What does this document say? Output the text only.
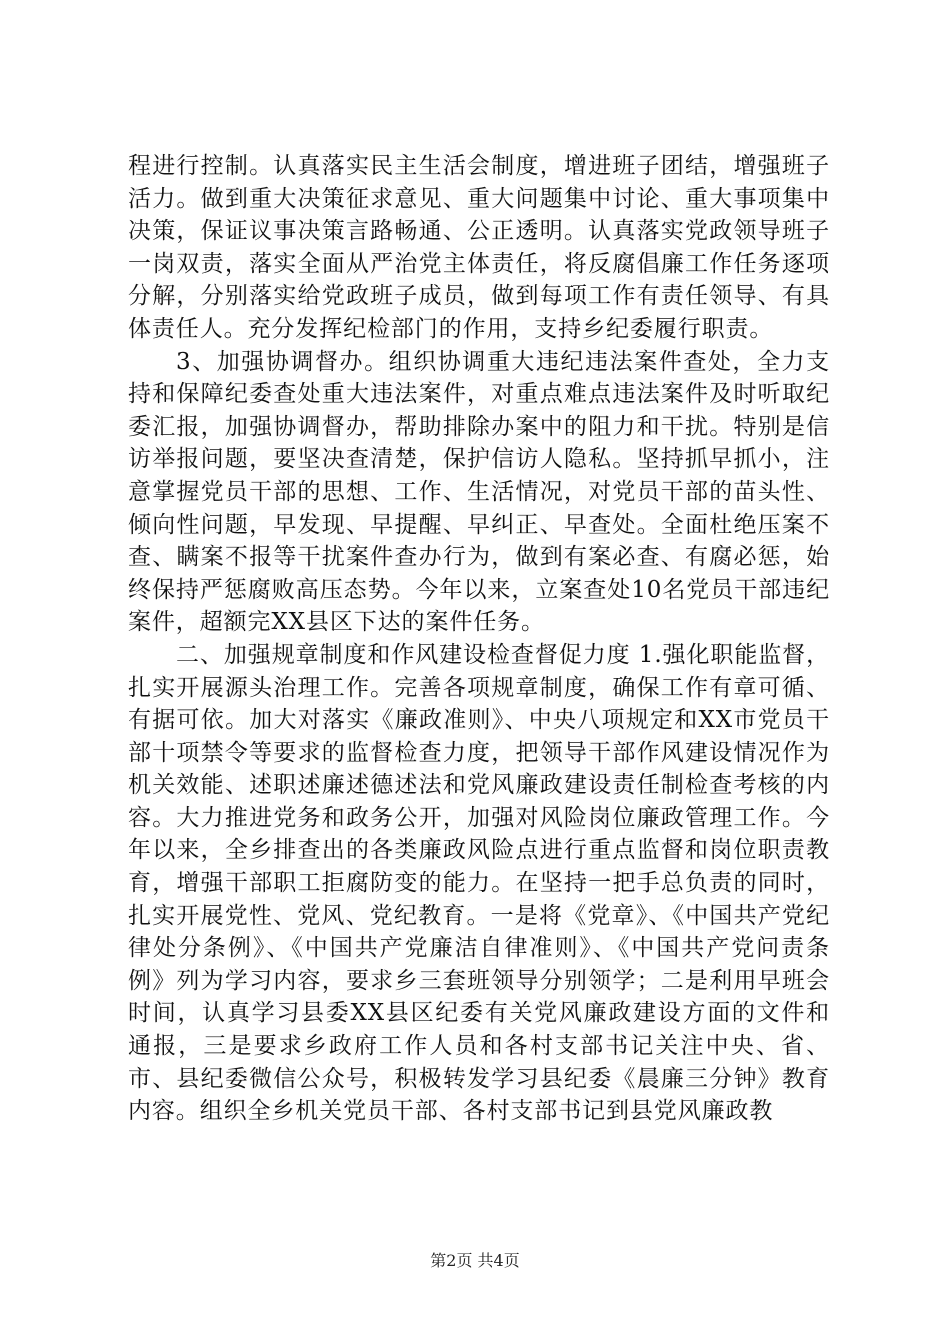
程进行控制。认真落实民主生活会制度，增进班子团结，增强班子活力。做到重大决策征求意见、重大问题集中讨论、重大事项集中决策，保证议事决策言路畅通、公正透明。认真落实党政领导班子一岗双责，落实全面从严治党主体责任，将反腐倡廉工作任务逐项分解，分别落实给党政班子成员，做到每项工作有责任领导、有具体责任人。充分发挥纪检部门的作用，支持乡纪委履行职责。

3、加强协调督办。组织协调重大违纪违法案件查处，全力支持和保障纪委查处重大违法案件，对重点难点违法案件及时听取纪委汇报，加强协调督办，帮助排除办案中的阻力和干扰。特别是信访举报问题，要坚决查清楚，保护信访人隐私。坚持抓早抓小，注意掌握党员干部的思想、工作、生活情况，对党员干部的苗头性、倾向性问题，早发现、早提醒、早纠正、早查处。全面杜绝压案不查、瞒案不报等干扰案件查办行为，做到有案必查、有腐必惩，始终保持严惩腐败高压态势。今年以来，立案查处10名党员干部违纪案件，超额完XX县区下达的案件任务。

二、加强规章制度和作风建设检查督促力度 1.强化职能监督，扎实开展源头治理工作。完善各项规章制度，确保工作有章可循、有据可依。加大对落实《廉政准则》、中央八项规定和XX市党员干部十项禁令等要求的监督检查力度，把领导干部作风建设情况作为机关效能、述职述廉述德述法和党风廉政建设责任制检查考核的内容。大力推进党务和政务公开，加强对风险岗位廉政管理工作。今年以来，全乡排查出的各类廉政风险点进行重点监督和岗位职责教育，增强干部职工拒腐防变的能力。在坚持一把手总负责的同时，扎实开展党性、党风、党纪教育。一是将《党章》、《中国共产党纪律处分条例》、《中国共产党廉洁自律准则》、《中国共产党问责条例》列为学习内容，要求乡三套班领导分别领学；二是利用早班会时间，认真学习县委XX县区纪委有关党风廉政建设方面的文件和通报，三是要求乡政府工作人员和各村支部书记关注中央、省、市、县纪委微信公众号，积极转发学习县纪委《晨廉三分钟》教育内容。组织全乡机关党员干部、各村支部书记到县党风廉政教

第2页 共4页
